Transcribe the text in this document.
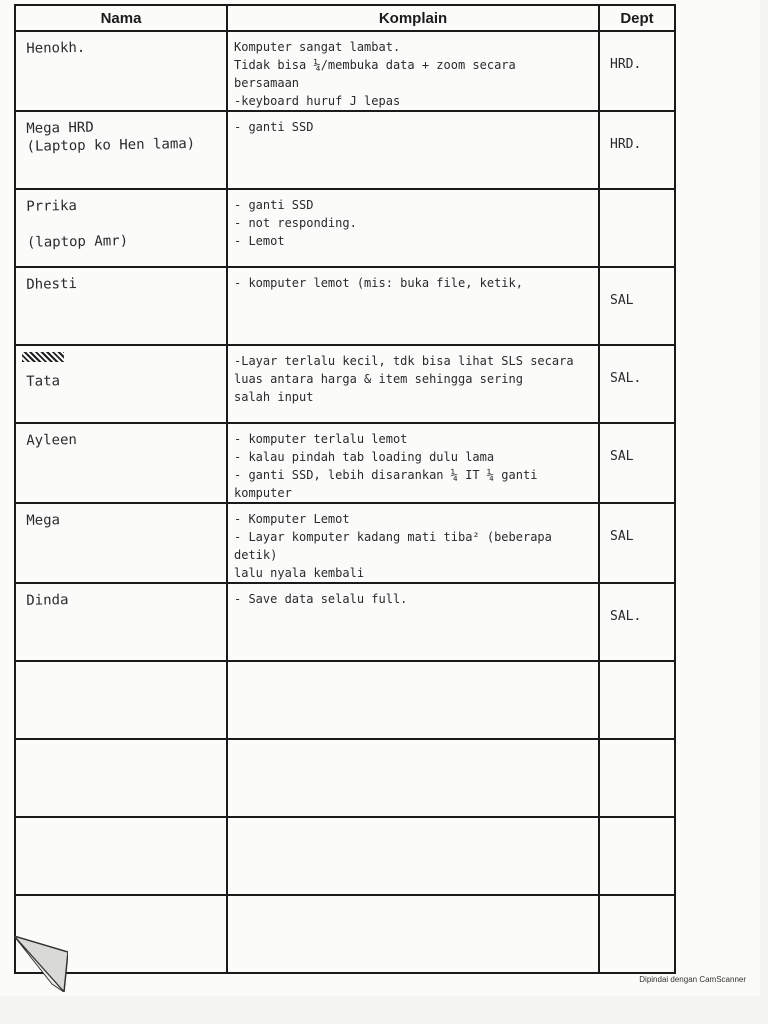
Nama	Komplain	Dept

Henokh.	Komputer sangat lambat.
Tidak bisa ¼/membuka data + zoom secara
bersamaan
-keyboard huruf J lepas	HRD.

Mega HRD
(Laptop ko Hen lama)	- ganti SSD	HRD.

Prrika

(laptop Amr)	- ganti SSD
- not responding.
- Lemot	

Dhesti	- komputer lemot (mis: buka file, ketik,	SAL

Tata	-Layar terlalu kecil, tdk bisa lihat SLS secara
luas antara harga & item sehingga sering
salah input	SAL.

Ayleen	- komputer terlalu lemot
- kalau pindah tab loading dulu lama
- ganti SSD, lebih disarankan ¼ IT ¼ ganti
komputer	SAL

Mega	- Komputer Lemot
- Layar komputer kadang mati tiba² (beberapa detik)
lalu nyala kembali	SAL

Dinda	- Save data selalu full.	SAL.

Dipindai dengan CamScanner
